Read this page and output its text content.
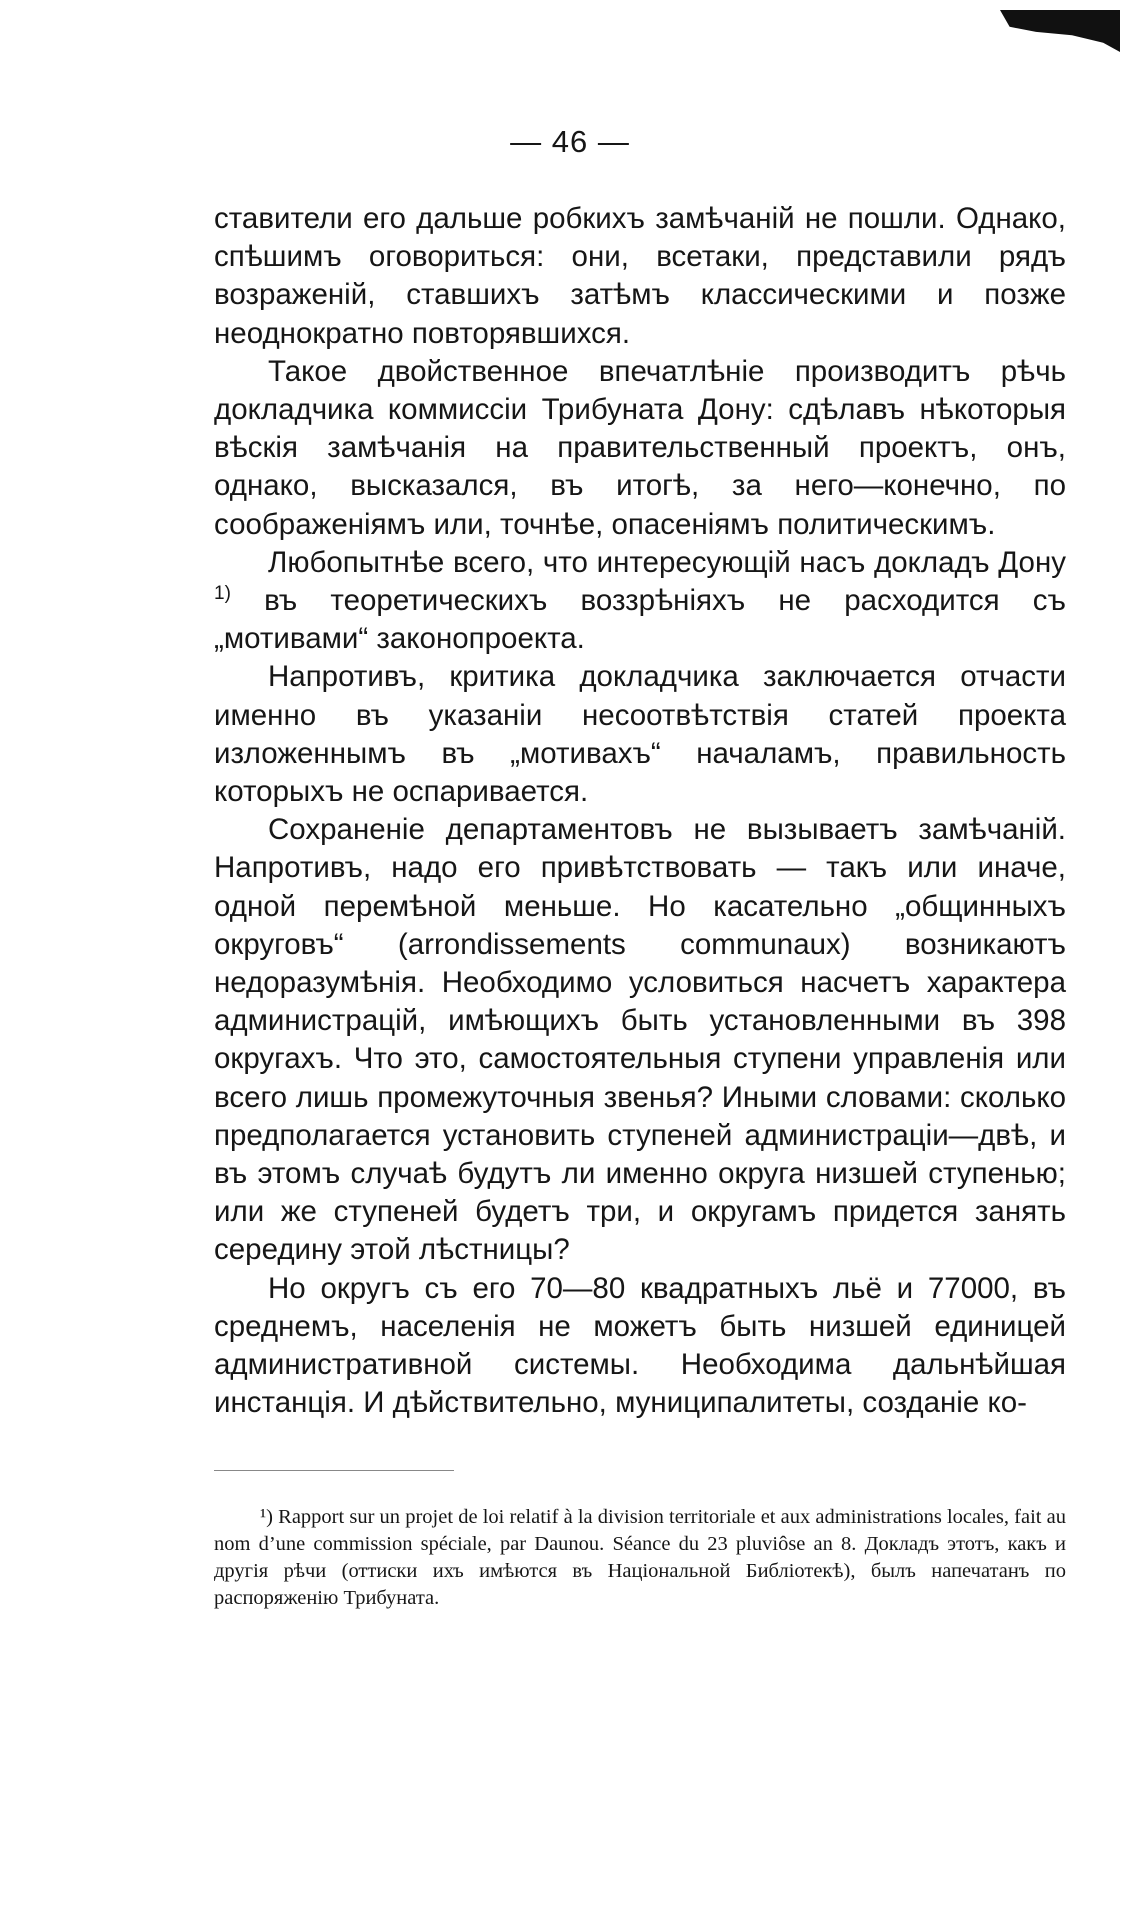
— 46 —

ставители его дальше робкихъ замѣчаній не пошли. Однако, спѣшимъ оговориться: они, всетаки, представили рядъ возраженій, ставшихъ затѣмъ классическими и позже неоднократно повторявшихся.

Такое двойственное впечатлѣніе производитъ рѣчь докладчика коммиссіи Трибуната Дону: сдѣлавъ нѣкоторыя вѣскія замѣчанія на правительственный проектъ, онъ, однако, высказался, въ итогѣ, за него—конечно, по соображеніямъ или, точнѣе, опасеніямъ политическимъ.

Любопытнѣе всего, что интересующій насъ докладъ Дону $^{1)}$ въ теоретическихъ воззрѣніяхъ не расходится съ „мотивами“ законопроекта.

Напротивъ, критика докладчика заключается отчасти именно въ указаніи несоотвѣтствія статей проекта изложеннымъ въ „мотивахъ“ началамъ, правильность которыхъ не оспаривается.

Сохраненіе департаментовъ не вызываетъ замѣчаній. Напротивъ, надо его привѣтствовать — такъ или иначе, одной перемѣной меньше. Но касательно „общинныхъ округовъ“ (arrondissements communaux) возникаютъ недоразумѣнія. Необходимо условиться насчетъ характера администрацій, имѣющихъ быть установленными въ 398 округахъ. Что это, самостоятельныя ступени управленія или всего лишь промежуточныя звенья? Иными словами: сколько предполагается установить ступеней администраціи—двѣ, и въ этомъ случаѣ будутъ ли именно округа низшей ступенью; или же ступеней будетъ три, и округамъ придется занять середину этой лѣстницы?

Но округъ съ его 70—80 квадратныхъ льё и 77000, въ среднемъ, населенія не можетъ быть низшей единицей административной системы. Необходима дальнѣйшая инстанція. И дѣйствительно, муниципалитеты, созданіе ко-

¹) Rapport sur un projet de loi relatif à la division territoriale et aux administrations locales, fait au nom d’une commission spéciale, par Daunou. Séance du 23 pluviôse an 8. Докладъ этотъ, какъ и другія рѣчи (оттиски ихъ имѣются въ Національной Библіотекѣ), былъ напечатанъ по распоряженію Трибуната.
